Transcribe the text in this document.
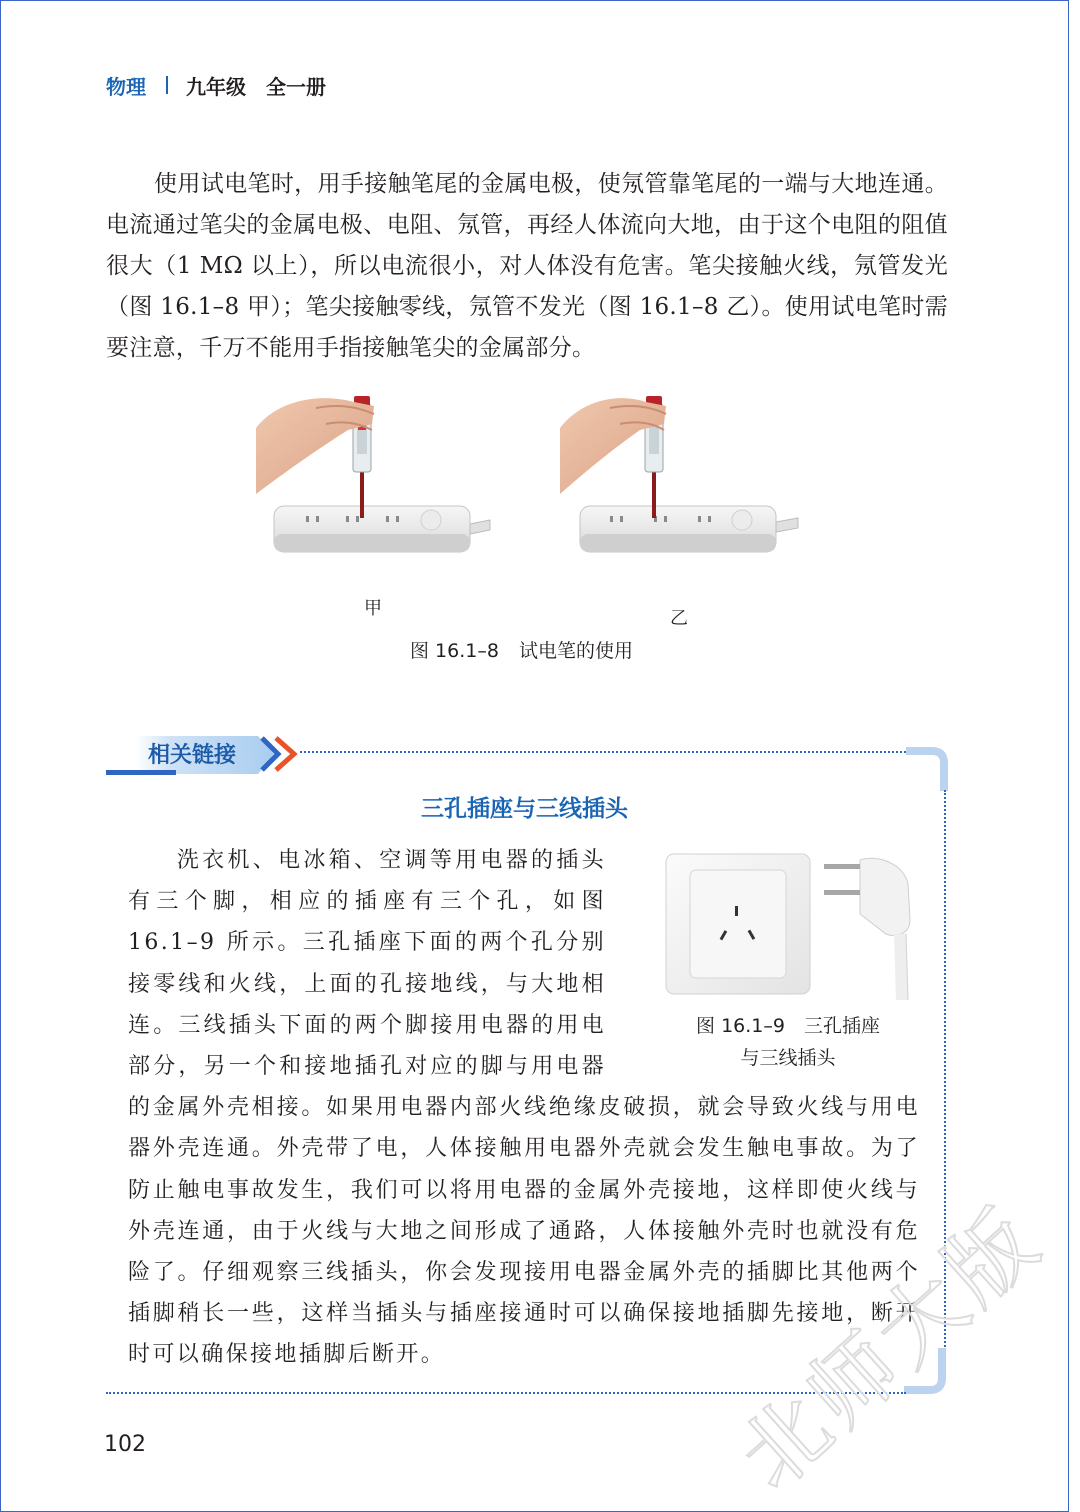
物理 九年级 全一册

使用试电笔时，用手接触笔尾的金属电极，使氖管靠笔尾的一端与大地连通。电流通过笔尖的金属电极、电阻、氖管，再经人体流向大地，由于这个电阻的阻值很大（1 MΩ 以上），所以电流很小，对人体没有危害。笔尖接触火线，氖管发光（图 16.1–8 甲）；笔尖接触零线，氖管不发光（图 16.1–8 乙）。使用试电笔时需要注意，千万不能用手指接触笔尖的金属部分。

甲	乙
图 16.1–8 试电笔的使用
相关链接
三孔插座与三线插头

洗衣机、电冰箱、空调等用电器的插头有三个脚，相应的插座有三个孔，如图 16.1–9 所示。三孔插座下面的两个孔分别接零线和火线，上面的孔接地线，与大地相连。三线插头下面的两个脚接用电器的用电部分，另一个和接地插孔对应的脚与用电器的金属外壳相接。如果用电器内部火线绝缘皮破损，就会导致火线与用电器外壳连通。外壳带了电，人体接触用电器外壳就会发生触电事故。为了防止触电事故发生，我们可以将用电器的金属外壳接地，这样即使火线与外壳连通，由于火线与大地之间形成了通路，人体接触外壳时也就没有危险了。仔细观察三线插头，你会发现接用电器金属外壳的插脚比其他两个插脚稍长一些，这样当插头与插座接通时可以确保接地插脚先接地，断开时可以确保接地插脚后断开。

图 16.1–9　三孔插座
与三线插头
102	北师大版
